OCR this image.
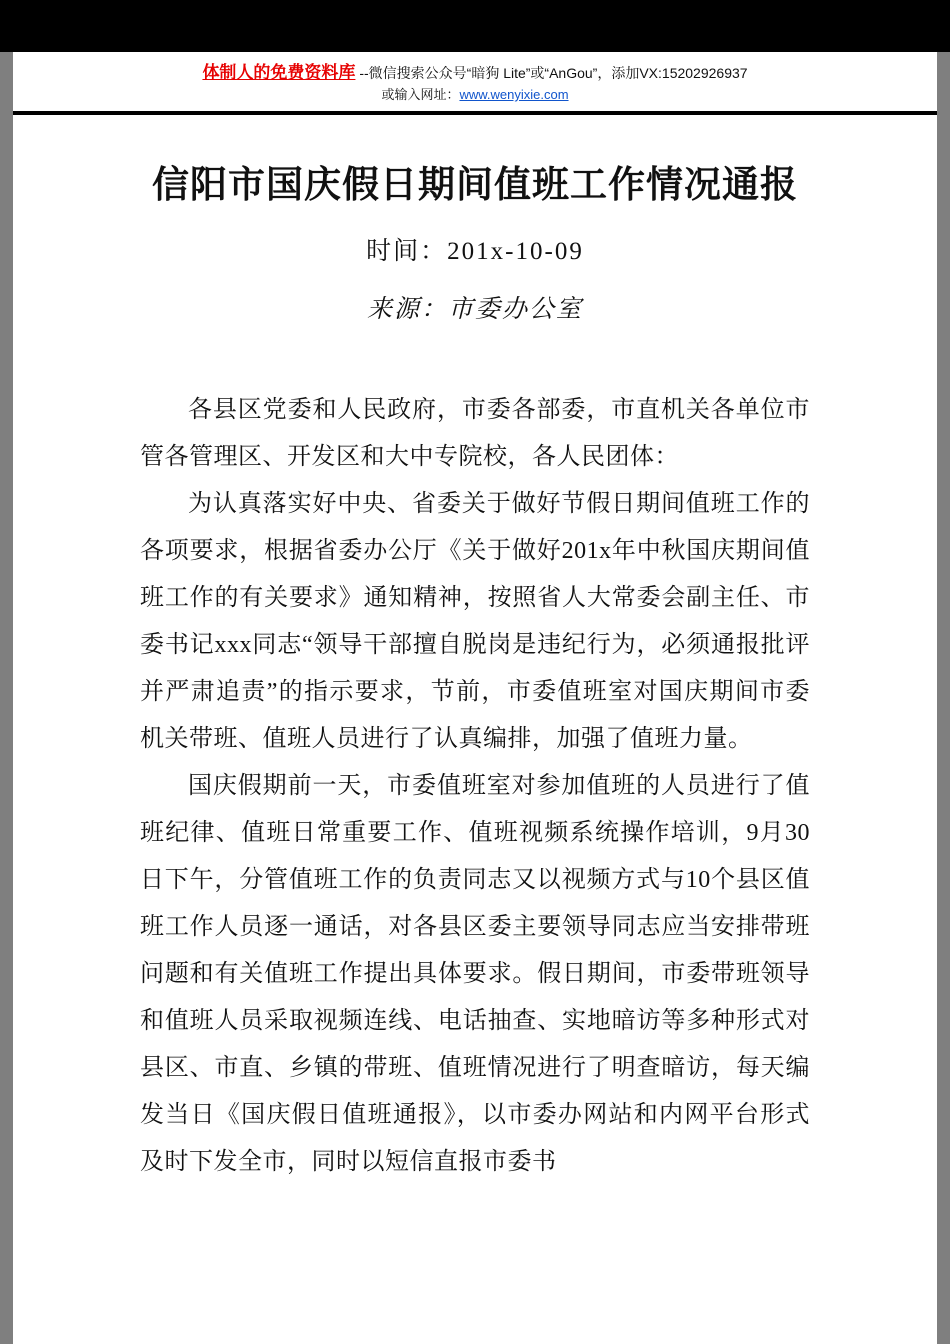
体制人的免费资料库 --微信搜索公众号“暗狗 Lite”或“AnGou”，添加VX:15202926937
或输入网址：www.wenyixie.com
信阳市国庆假日期间值班工作情况通报
时间：201x-10-09
来源：市委办公室

各县区党委和人民政府，市委各部委，市直机关各单位市管各管理区、开发区和大中专院校，各人民团体：

为认真落实好中央、省委关于做好节假日期间值班工作的各项要求，根据省委办公厅《关于做好201x年中秋国庆期间值班工作的有关要求》通知精神，按照省人大常委会副主任、市委书记xxx同志“领导干部擅自脱岗是违纪行为，必须通报批评并严肃追责”的指示要求，节前，市委值班室对国庆期间市委机关带班、值班人员进行了认真编排，加强了值班力量。

国庆假期前一天，市委值班室对参加值班的人员进行了值班纪律、值班日常重要工作、值班视频系统操作培训，9月30日下午，分管值班工作的负责同志又以视频方式与10个县区值班工作人员逐一通话，对各县区委主要领导同志应当安排带班问题和有关值班工作提出具体要求。假日期间，市委带班领导和值班人员采取视频连线、电话抽查、实地暗访等多种形式对县区、市直、乡镇的带班、值班情况进行了明查暗访，每天编发当日《国庆假日值班通报》，以市委办网站和内网平台形式及时下发全市，同时以短信直报市委书
